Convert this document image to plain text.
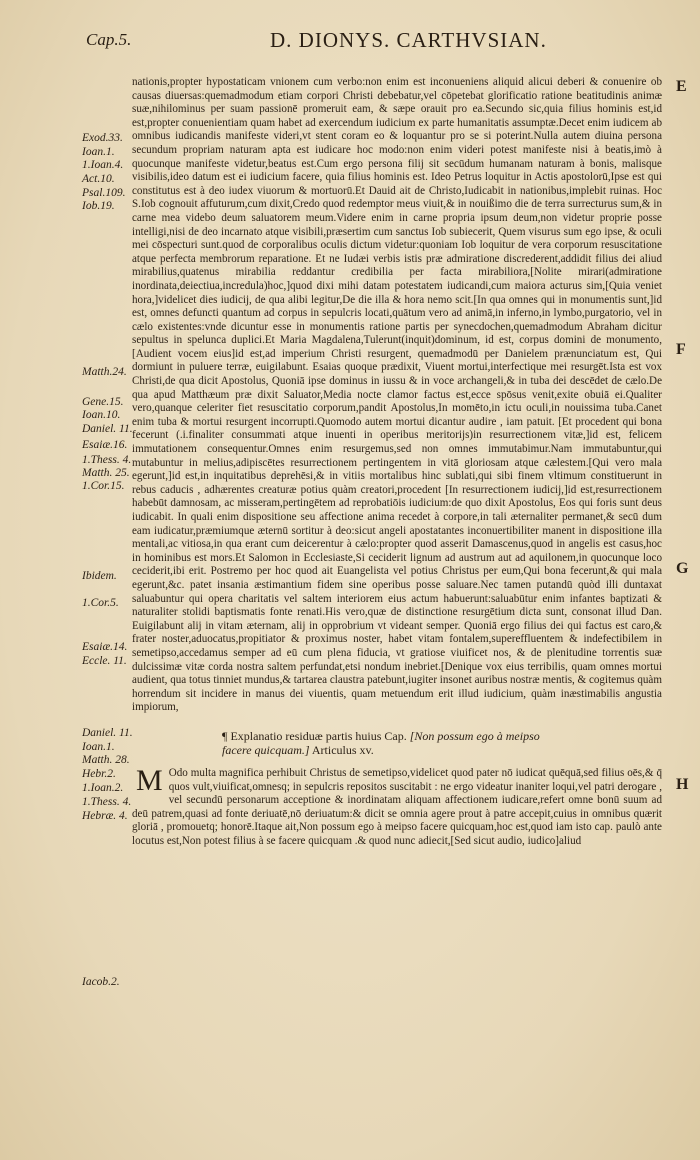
Cap.5.	D. DIONYS. CARTHVSIAN.
Exod.33.
Ioan.1.
1.Ioan.4.
Act.10.
Psal.109.
Iob.19.
Matth.24.
Gene.15.
Ioan.10.
Daniel. 11.
Esaiæ.16.
1.Thess. 4.
Matth. 25.
1.Cor.15.
Ibidem.
1.Cor.5.
Esaiæ.14.
Eccle. 11.
Daniel. 11.
Ioan.1.
Matth. 28.
Hebr.2.
1.Ioan.2.
1.Thess. 4.
Hebræ. 4.
Iacob.2.
E
F
G
H

nationis,propter hypostaticam vnionem cum verbo:non enim est inconueniens aliquid alicui deberi & conuenire ob causas diuersas:quemadmodum etiam corpori Christi debebatur,vel cōpetebat glorificatio ratione beatitudinis animæ suæ,nihilominus per suam passionē promeruit eam, & sæpe orauit pro ea.Secundo sic,quia filius hominis est,id est,propter conuenientiam quam habet ad exercendum iudicium ex parte humanitatis assumptæ.Decet enim iudicem ab omnibus iudicandis manifeste videri,vt stent coram eo & loquantur pro se si poterint.Nulla autem diuina persona secundum propriam naturam apta est iudicare hoc modo:non enim videri potest manifeste nisi à beatis,imò à quocunque manifeste videtur,beatus est.Cum ergo persona filij sit secūdum humanam naturam à bonis, malisque visibilis,ideo datum est ei iudicium facere, quia filius hominis est. Ideo Petrus loquitur in Actis apostolorū,Ipse est qui constitutus est à deo iudex viuorum & mortuorū.Et Dauid ait de Christo,Iudicabit in nationibus,implebit ruinas. Hoc S.Iob cognouit affuturum,cum dixit,Credo quod redemptor meus viuit,& in nouißimo die de terra surrecturus sum,& in carne mea videbo deum saluatorem meum.Videre enim in carne propria ipsum deum,non videtur proprie posse intelligi,nisi de deo incarnato atque visibili,præsertim cum sanctus Iob subiecerit, Quem visurus sum ego ipse, & oculi mei cōspecturi sunt.quod de corporalibus oculis dictum videtur:quoniam Iob loquitur de vera corporum resuscitatione atque perfecta membrorum reparatione. Et ne Iudæi verbis istis præ admiratione discrederent,addidit filius dei aliud mirabilius,quatenus mirabilia reddantur credibilia per facta mirabiliora,[Nolite mirari(admiratione inordinata,deiectiua,incredula)hoc,]quod dixi mihi datam potestatem iudicandi,cum maiora acturus sim,[Quia veniet hora,]videlicet dies iudicij, de qua alibi legitur,De die illa & hora nemo scit.[In qua omnes qui in monumentis sunt,]id est, omnes defuncti quantum ad corpus in sepulcris locati,quātum vero ad animā,in inferno,in lymbo,purgatorio, vel in cælo existentes:vnde dicuntur esse in monumentis ratione partis per synecdochen,quemadmodum Abraham dicitur sepultus in spelunca duplici.Et Maria Magdalena,Tulerunt(inquit)dominum, id est, corpus domini de monumento,[Audient vocem eius]id est,ad imperium Christi resurgent, quemadmodū per Danielem prænunciatum est, Qui dormiunt in puluere terræ, euigilabunt. Esaias quoque prædixit, Viuent mortui,interfectique mei resurgēt.Ista est vox Christi,de qua dicit Apostolus, Quoniā ipse dominus in iussu & in voce archangeli,& in tuba dei descēdet de cælo.De qua apud Matthæum præ dixit Saluator,Media nocte clamor factus est,ecce spōsus venit,exite obuiā ei.Qualiter vero,quanque celeriter fiet resuscitatio corporum,pandit Apostolus,In momēto,in ictu oculi,in nouissima tuba.Canet enim tuba & mortui resurgent incorrupti.Quomodo autem mortui dicantur audire , iam patuit. [Et procedent qui bona fecerunt (.i.finaliter consummati atque inuenti in operibus meritorijs)in resurrectionem vitæ,]id est, felicem immutationem consequentur.Omnes enim resurgemus,sed non omnes immutabimur.Nam immutabuntur,qui mutabuntur in melius,adipiscētes resurrectionem pertingentem in vitā gloriosam atque cælestem.[Qui vero mala egerunt,]id est,in inquitatibus deprehēsi,& in vitiis mortalibus hinc sublati,qui sibi finem vltimum constituerunt in rebus caducis , adhærentes creaturæ potius quàm creatori,procedent [In resurrectionem iudicij,]id est,resurrectionem habebūt damnosam, ac misseram,pertingētem ad reprobatiōis iudicium:de quo dixit Apostolus, Eos qui foris sunt deus iudicabit. In quali enim dispositione seu affectione anima recedet à corpore,in tali æternaliter permanet,& secū dum eam iudicatur,præmiumque æternū sortitur à deo:sicut angeli apostatantes inconuertibiliter manent in dispositione illa mentali,ac vitiosa,in qua erant cum deicerentur à cælo:propter quod asserit Damascenus,quod in angelis est casus,hoc in hominibus est mors.Et Salomon in Ecclesiaste,Si ceciderit lignum ad austrum aut ad aquilonem,in quocunque loco ceciderit,ibi erit. Postremo per hoc quod ait Euangelista vel potius Christus per eum,Qui bona fecerunt,& qui mala egerunt,&c. patet insania æstimantium fidem sine operibus posse saluare.Nec tamen putandū quòd illi duntaxat saluabuntur qui opera charitatis vel saltem interiorem eius actum habuerunt:saluabūtur enim infantes baptizati & naturaliter stolidi baptismatis fonte renati.His vero,quæ de distinctione resurgētium dicta sunt, consonat illud Dan. Euigilabunt alij in vitam æternam, alij in opprobrium vt videant semper. Quoniā ergo filius dei qui factus est caro,& frater noster,aduocatus,propitiator & proximus noster, habet vitam fontalem,supereffluentem & indefectibilem in semetipso,accedamus semper ad eū cum plena fiducia, vt gratiose viuificet nos, & de plenitudine torrentis suæ dulcissimæ vitæ corda nostra saltem perfundat,etsi nondum inebriet.[Denique vox eius terribilis, quam omnes mortui audient, qua totus tinniet mundus,& tartarea claustra patebunt,iugiter insonet auribus nostræ mentis, & cogitemus quàm horrendum sit incidere in manus dei viuentis, quam metuendum erit illud iudicium, quàm inæstimabilis angustia impiorum,

¶ Explanatio residuæ partis huius Cap. [Non possum ego à meipso facere quicquam.] Articulus xv.

M Odo multa magnifica perhibuit Christus de semetipso,videlicet quod pater nō iudicat quēquā,sed filius oēs,& q̄ quos vult,viuificat,omnesq; in sepulcris repositos suscitabit : ne ergo videatur inaniter loqui,vel patri derogare , vel secundū personarum acceptione & inordinatam aliquam affectionem iudicare,refert omne bonū suum ad deū patrem,quasi ad fonte deriuatē,nō deriuatum:& dicit se omnia agere prout à patre accepit,cuius in omnibus quærit gloriā , promouetq; honorē.Itaque ait,Non possum ego à meipso facere quicquam,hoc est,quod iam isto cap. paulò ante locutus est,Non potest filius à se facere quicquam .& quod nunc adiecit,[Sed sicut audio, iudico]aliud
